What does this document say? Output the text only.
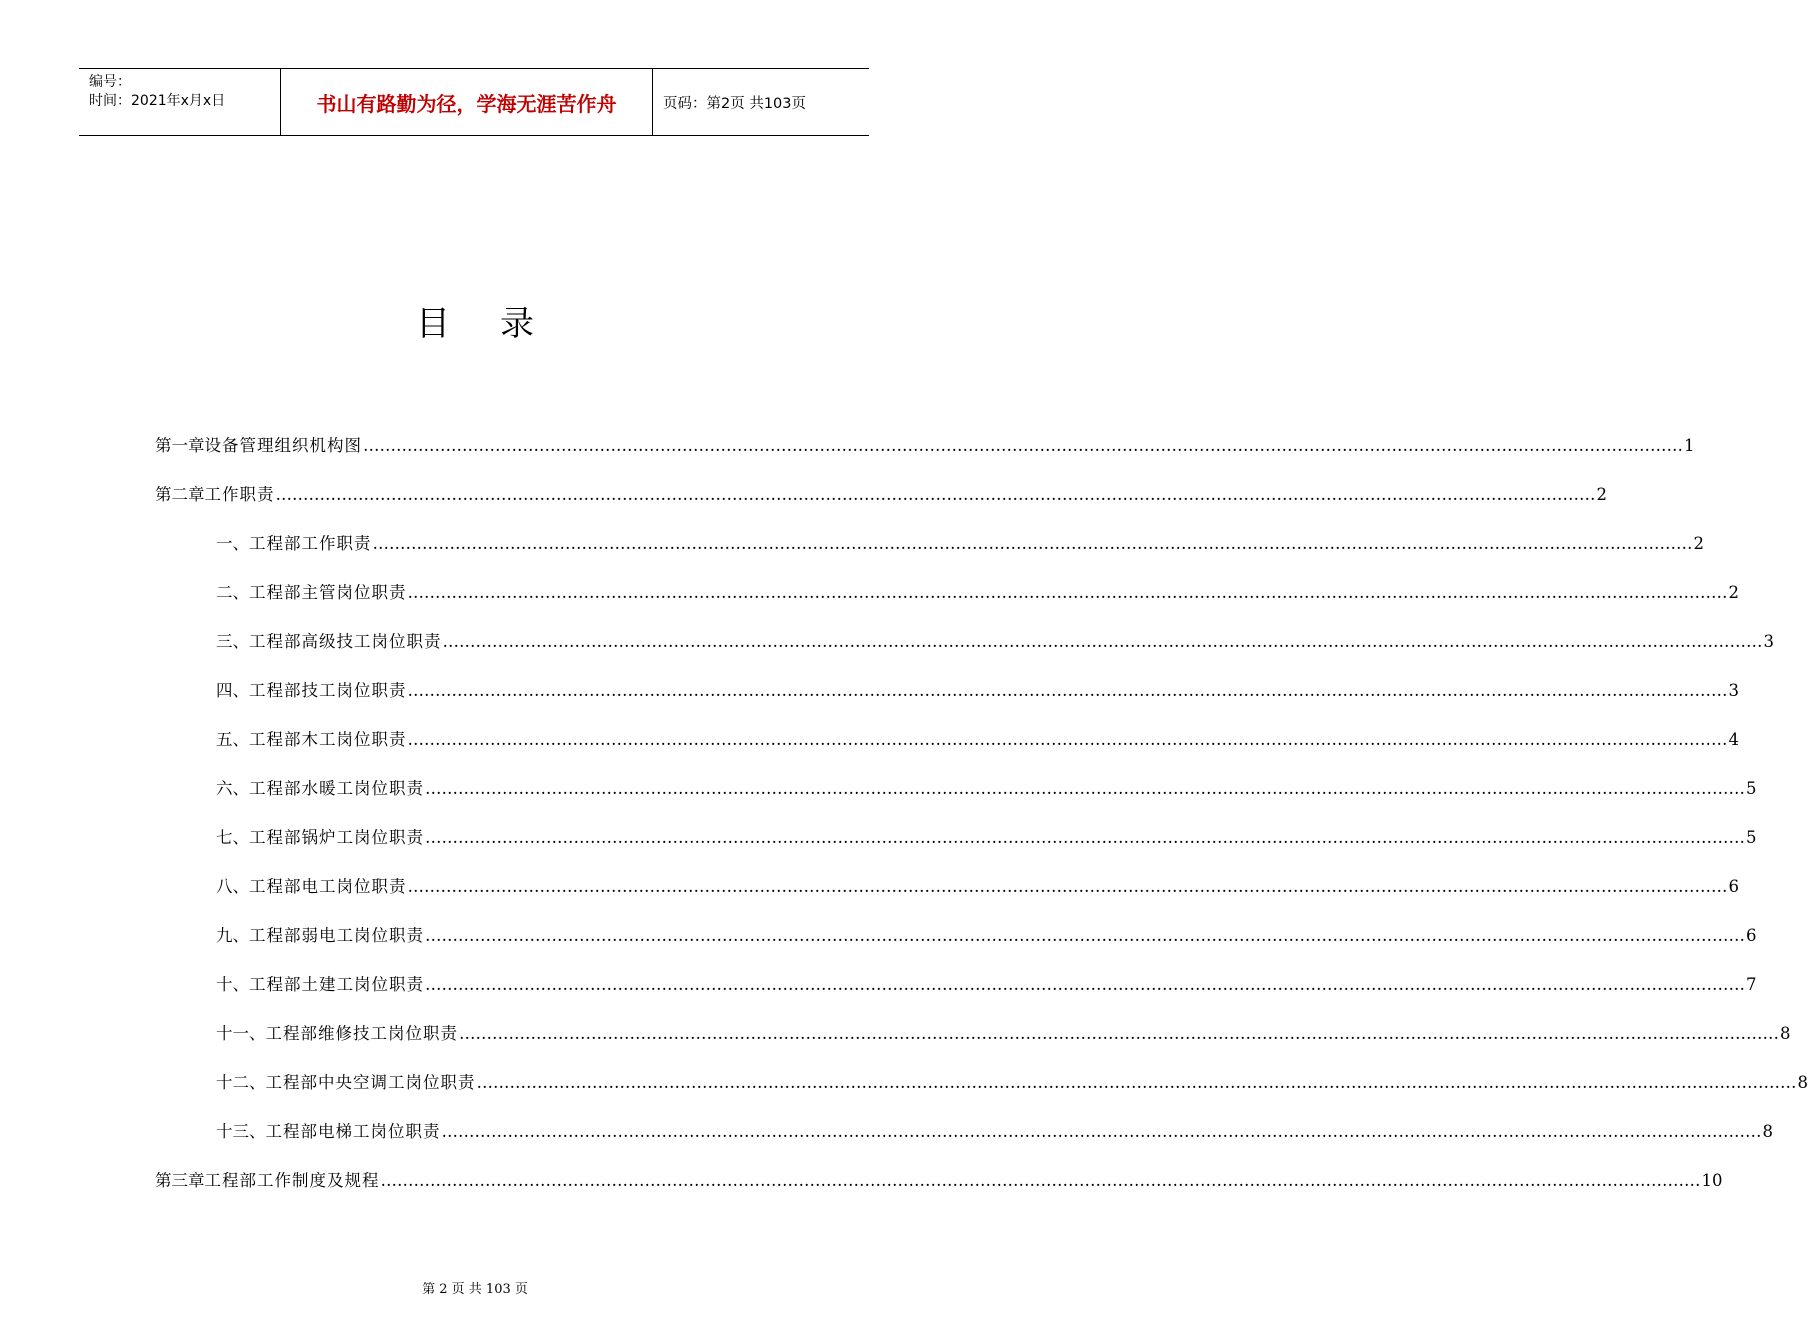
编号：
时间：2021年x月x日	书山有路勤为径，学海无涯苦作舟	页码：第2页 共103页
目 录
第一章 设备管理组织机构图 …………………………………………………………………………………………………………………………………………………………………………………………………………………… 1
第二章 工作职责 …………………………………………………………………………………………………………………………………………………………………………………………………………………… 2
一、 工程部工作职责 …………………………………………………………………………………………………………………………………………………………………………………………………………………… 2
二、 工程部主管岗位职责 …………………………………………………………………………………………………………………………………………………………………………………………………………………… 2
三、 工程部高级技工岗位职责 …………………………………………………………………………………………………………………………………………………………………………………………………………………… 3
四、 工程部技工岗位职责 …………………………………………………………………………………………………………………………………………………………………………………………………………………… 3
五、 工程部木工岗位职责 …………………………………………………………………………………………………………………………………………………………………………………………………………………… 4
六、 工程部水暖工岗位职责 …………………………………………………………………………………………………………………………………………………………………………………………………………………… 5
七、 工程部锅炉工岗位职责 …………………………………………………………………………………………………………………………………………………………………………………………………………………… 5
八、 工程部电工岗位职责 …………………………………………………………………………………………………………………………………………………………………………………………………………………… 6
九、 工程部弱电工岗位职责 …………………………………………………………………………………………………………………………………………………………………………………………………………………… 6
十、 工程部土建工岗位职责 …………………………………………………………………………………………………………………………………………………………………………………………………………………… 7
十一、 工程部维修技工岗位职责 …………………………………………………………………………………………………………………………………………………………………………………………………………………… 8
十二、 工程部中央空调工岗位职责 …………………………………………………………………………………………………………………………………………………………………………………………………………………… 8
十三、 工程部电梯工岗位职责 …………………………………………………………………………………………………………………………………………………………………………………………………………………… 8
第三章 工程部工作制度及规程 …………………………………………………………………………………………………………………………………………………………………………………………………………………… 10
第 2 页 共 103 页
